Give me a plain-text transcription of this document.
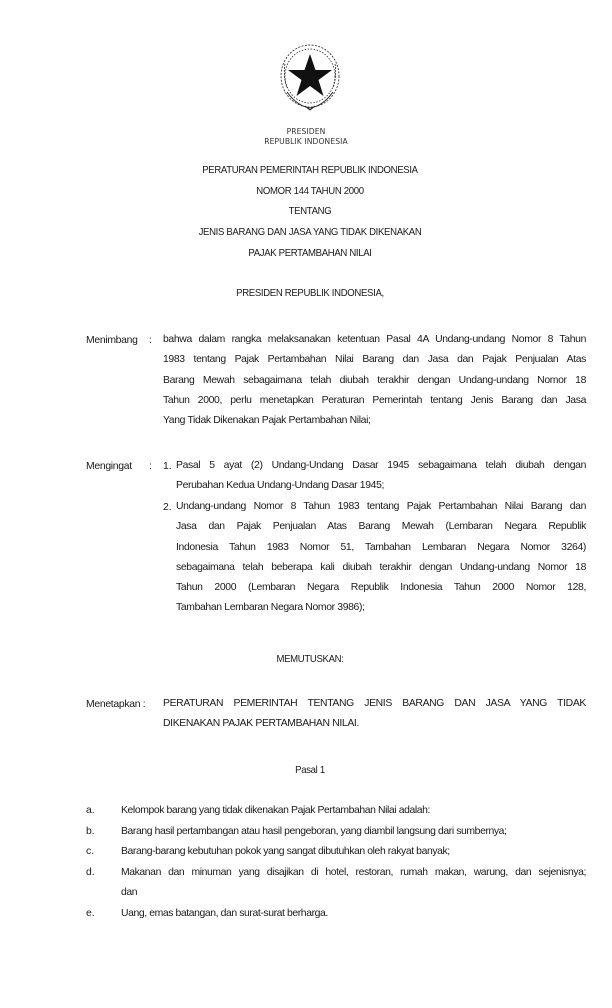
PRESIDEN
REPUBLIK INDONESIA
PERATURAN PEMERINTAH REPUBLIK INDONESIA
NOMOR 144 TAHUN 2000
TENTANG
JENIS BARANG DAN JASA YANG TIDAK DIKENAKAN
PAJAK PERTAMBAHAN NILAI
PRESIDEN REPUBLIK INDONESIA,
Menimbang : bahwa dalam rangka melaksanakan ketentuan Pasal 4A Undang-undang Nomor 8 Tahun
1983 tentang Pajak Pertambahan Nilai Barang dan Jasa dan Pajak Penjualan Atas
Barang Mewah sebagaimana telah diubah terakhir dengan Undang-undang Nomor 18
Tahun 2000, perlu menetapkan Peraturan Pemerintah tentang Jenis Barang dan Jasa
Yang Tidak Dikenakan Pajak Pertambahan Nilai;
Mengingat : 1. Pasal 5 ayat (2) Undang-Undang Dasar 1945 sebagaimana telah diubah dengan
Perubahan Kedua Undang-Undang Dasar 1945;
2. Undang-undang Nomor 8 Tahun 1983 tentang Pajak Pertambahan Nilai Barang dan
Jasa dan Pajak Penjualan Atas Barang Mewah (Lembaran Negara Republik
Indonesia Tahun 1983 Nomor 51, Tambahan Lembaran Negara Nomor 3264)
sebagaimana telah beberapa kali diubah terakhir dengan Undang-undang Nomor 18
Tahun 2000 (Lembaran Negara Republik Indonesia Tahun 2000 Nomor 128,
Tambahan Lembaran Negara Nomor 3986);
MEMUTUSKAN:
Menetapkan : PERATURAN PEMERINTAH TENTANG JENIS BARANG DAN JASA YANG TIDAK
DIKENAKAN PAJAK PERTAMBAHAN NILAI.
Pasal 1
a.	Kelompok barang yang tidak dikenakan Pajak Pertambahan Nilai adalah:
b.	Barang hasil pertambangan atau hasil pengeboran, yang diambil langsung dari sumbernya;
c.	Barang-barang kebutuhan pokok yang sangat dibutuhkan oleh rakyat banyak;
d.	Makanan dan minuman yang disajikan di hotel, restoran, rumah makan, warung, dan sejenisnya;
dan
e.	Uang, emas batangan, dan surat-surat berharga.
